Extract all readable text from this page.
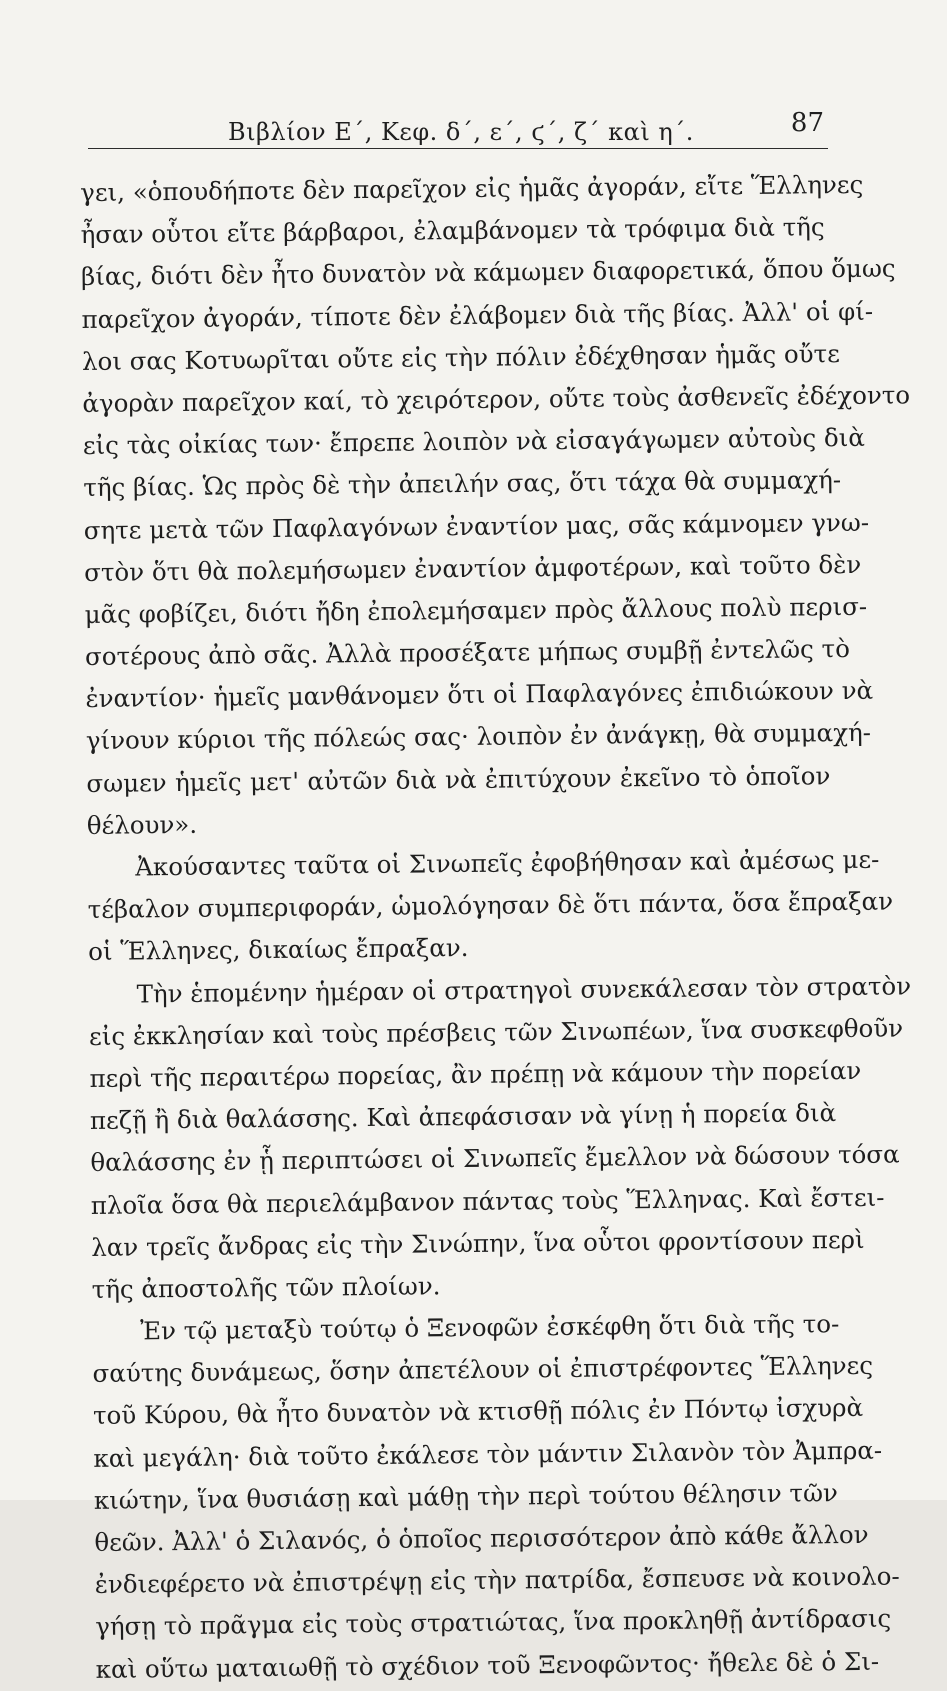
Βιβλίον Ε΄, Κεφ. δ΄, ε΄, ϛ΄, ζ΄ καὶ η΄.	87
γει, «ὁπουδήποτε δὲν παρεῖχον εἰς ἡμᾶς ἀγοράν, εἴτε Ἕλληνες
ἦσαν οὗτοι εἴτε βάρβαροι, ἐλαμβάνομεν τὰ τρόφιμα διὰ τῆς
βίας, διότι δὲν ἦτο δυνατὸν νὰ κάμωμεν διαφορετικά, ὅπου ὅμως
παρεῖχον ἀγοράν, τίποτε δὲν ἐλάβομεν διὰ τῆς βίας. Ἀλλ' οἱ φί-
λοι σας Κοτυωρῖται οὔτε εἰς τὴν πόλιν ἐδέχθησαν ἡμᾶς οὔτε
ἀγορὰν παρεῖχον καί, τὸ χειρότερον, οὔτε τοὺς ἀσθενεῖς ἐδέχοντο
εἰς τὰς οἰκίας των· ἔπρεπε λοιπὸν νὰ εἰσαγάγωμεν αὐτοὺς διὰ
τῆς βίας. Ὡς πρὸς δὲ τὴν ἀπειλήν σας, ὅτι τάχα θὰ συμμαχή-
σητε μετὰ τῶν Παφλαγόνων ἐναντίον μας, σᾶς κάμνομεν γνω-
στὸν ὅτι θὰ πολεμήσωμεν ἐναντίον ἀμφοτέρων, καὶ τοῦτο δὲν
μᾶς φοβίζει, διότι ἤδη ἐπολεμήσαμεν πρὸς ἄλλους πολὺ περισ-
σοτέρους ἀπὸ σᾶς. Ἀλλὰ προσέξατε μήπως συμβῇ ἐντελῶς τὸ
ἐναντίον· ἡμεῖς μανθάνομεν ὅτι οἱ Παφλαγόνες ἐπιδιώκουν νὰ
γίνουν κύριοι τῆς πόλεώς σας· λοιπὸν ἐν ἀνάγκῃ, θὰ συμμαχή-
σωμεν ἡμεῖς μετ' αὐτῶν διὰ νὰ ἐπιτύχουν ἐκεῖνο τὸ ὁποῖον
θέλουν».
Ἀκούσαντες ταῦτα οἱ Σινωπεῖς ἐφοβήθησαν καὶ ἀμέσως με-
τέβαλον συμπεριφοράν, ὡμολόγησαν δὲ ὅτι πάντα, ὅσα ἔπραξαν
οἱ Ἕλληνες, δικαίως ἔπραξαν.
Τὴν ἑπομένην ἡμέραν οἱ στρατηγοὶ συνεκάλεσαν τὸν στρατὸν
εἰς ἐκκλησίαν καὶ τοὺς πρέσβεις τῶν Σινωπέων, ἵνα συσκεφθοῦν
περὶ τῆς περαιτέρω πορείας, ἂν πρέπῃ νὰ κάμουν τὴν πορείαν
πεζῇ ἢ διὰ θαλάσσης. Καὶ ἀπεφάσισαν νὰ γίνῃ ἡ πορεία διὰ
θαλάσσης ἐν ᾗ περιπτώσει οἱ Σινωπεῖς ἔμελλον νὰ δώσουν τόσα
πλοῖα ὅσα θὰ περιελάμβανον πάντας τοὺς Ἕλληνας. Καὶ ἔστει-
λαν τρεῖς ἄνδρας εἰς τὴν Σινώπην, ἵνα οὗτοι φροντίσουν περὶ
τῆς ἀποστολῆς τῶν πλοίων.
Ἐν τῷ μεταξὺ τούτῳ ὁ Ξενοφῶν ἐσκέφθη ὅτι διὰ τῆς το-
σαύτης δυνάμεως, ὅσην ἀπετέλουν οἱ ἐπιστρέφοντες Ἕλληνες
τοῦ Κύρου, θὰ ἦτο δυνατὸν νὰ κτισθῇ πόλις ἐν Πόντῳ ἰσχυρὰ
καὶ μεγάλη· διὰ τοῦτο ἐκάλεσε τὸν μάντιν Σιλανὸν τὸν Ἀμπρα-
κιώτην, ἵνα θυσιάσῃ καὶ μάθῃ τὴν περὶ τούτου θέλησιν τῶν
θεῶν. Ἀλλ' ὁ Σιλανός, ὁ ὁποῖος περισσότερον ἀπὸ κάθε ἄλλον
ἐνδιεφέρετο νὰ ἐπιστρέψῃ εἰς τὴν πατρίδα, ἔσπευσε νὰ κοινολο-
γήσῃ τὸ πρᾶγμα εἰς τοὺς στρατιώτας, ἵνα προκληθῇ ἀντίδρασις
καὶ οὕτω ματαιωθῇ τὸ σχέδιον τοῦ Ξενοφῶντος· ἤθελε δὲ ὁ Σι-
